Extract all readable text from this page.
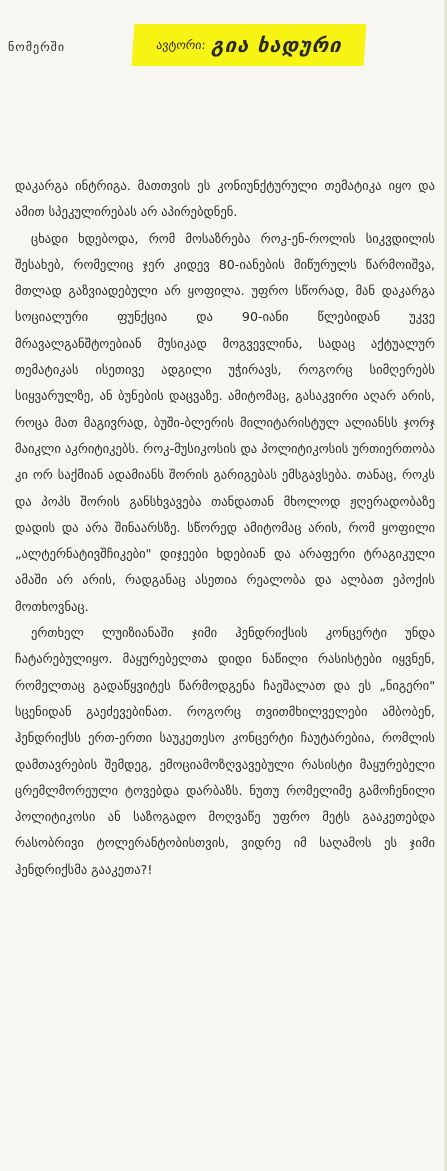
ნომერში	ავტორი: გია ხადური

დაკარგა ინტრიგა. მათთვის ეს კონიუნქტურული თემატიკა იყო და ამით სპეკულირებას არ აპირებდნენ.

ცხადი ხდებოდა, რომ მოსაზრება როკ-ენ-როლის სიკვდილის შესახებ, რომელიც ჯერ კიდევ 80-იანების მიწურულს წარმოიშვა, მთლად გაზვიადებული არ ყოფილა. უფრო სწორად, მან დაკარგა სოციალური ფუნქცია და 90-იანი წლებიდან უკვე მრავალგანშტოებიან მუსიკად მოგვევლინა, სადაც აქტუალურ თემატიკას ისეთივე ადგილი უჭირავს, როგორც სიმღერებს სიყვარულზე, ან ბუნების დაცვაზე. ამიტომაც, გასაკვირი აღარ არის, როცა მათ მაგივრად, ბუში-ბლერის მილიტარისტულ ალიანსს ჯორჯ მაიკლი აკრიტიკებს. როკ-მუსიკოსის და პოლიტიკოსის ურთიერთობა კი ორ საქმიან ადამიანს შორის გარიგებას ემსგავსება. თანაც, როკს და პოპს შორის განსხვავება თანდათან მხოლოდ ჟღერადობაზე დადის და არა შინაარსზე. სწორედ ამიტომაც არის, რომ ყოფილი „ალტერნატივშჩიკები" დიჯეები ხდებიან და არაფერი ტრაგიკული ამაში არ არის, რადგანაც ასეთია რეალობა და ალბათ ეპოქის მოთხოვნაც.

ერთხელ ლუიზიანაში ჯიმი ჰენდრიქსის კონცერტი უნდა ჩატარებულიყო. მაყურებელთა დიდი ნაწილი რასისტები იყვნენ, რომელთაც გადაწყვიტეს წარმოდგენა ჩაეშალათ და ეს „ნიგერი" სცენიდან გაეძევებინათ. როგორც თვითმხილველები ამბობენ, ჰენდრიქსს ერთ-ერთი საუკეთესო კონცერტი ჩაუტარებია, რომლის დამთავრების შემდეგ, ემოციამოზღვავებული რასისტი მაყურებელი ცრემლმორეული ტოვებდა დარბაზს. ნუთუ რომელიმე გამოჩენილი პოლიტიკოსი ან საზოგადო მოღვაწე უფრო მეტს გააკეთებდა რასობრივი ტოლერანტობისთვის, ვიდრე იმ საღამოს ეს ჯიმი ჰენდრიქსმა გააკეთა?!
